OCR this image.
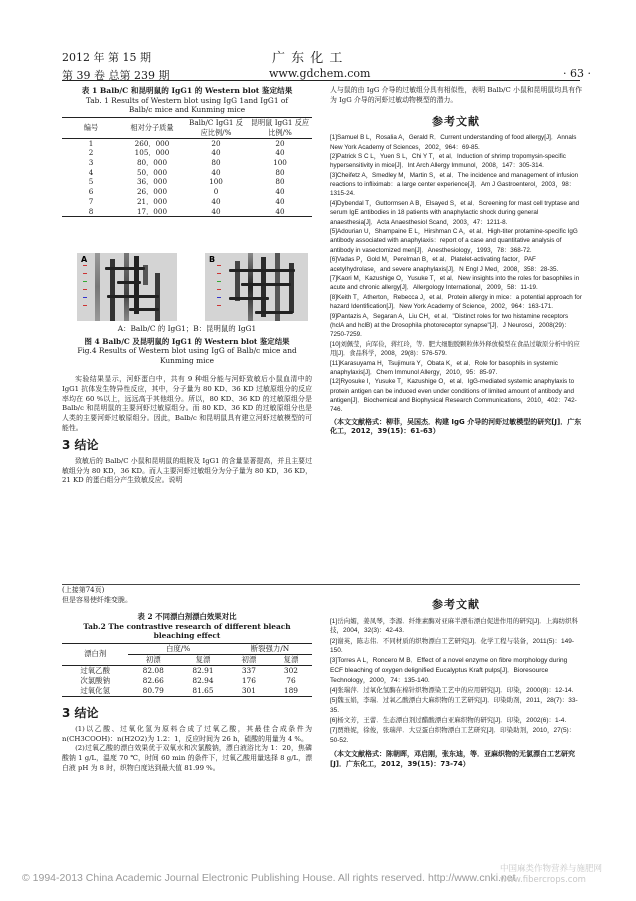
2012 年 第 15 期
第 39 卷 总第 239 期
广 东 化 工
www.gdchem.com	· 63 ·
表 1 Balb/C 和昆明鼠的 IgG1 的 Western blot 鉴定结果
Tab. 1 Results of Western blot using IgG 1and IgG1 of Balb/c mice and Kunming mice
编号	相对分子质量	Balb/C IgG1 反应比例/%	昆明鼠 IgG1 反应比例/%
1	260．000	20	20
2	105．000	40	40
3	80．000	80	100
4	50．000	40	80
5	36．000	100	80
6	26．000	0	40
7	21．000	40	40
8	17．000	40	40
A	B
A：Balb/C 的 IgG1；B：昆明鼠的 IgG1
图 4 Balb/C 及昆明鼠的 IgG1 的 Western blot 鉴定结果
Fig.4 Results of Western blot using IgG of Balb/c mice and Kunming mice

实验结果显示，河虾蛋白中，共有 9 种组分能与河虾致敏后小鼠血清中的 IgG1 抗体发生特异性反应，其中，分子量为 80 KD、36 KD 过敏原组分的反应率均在 60 %以上，远远高于其他组分。所以，80 KD、36 KD 的过敏原组分是 Balb/c 和昆明鼠的主要河虾过敏原组分。而 80 KD、36 KD 的过敏原组分也是人类的主要河虾过敏原组分。因此，Balb/c 和昆明鼠具有建立河虾过敏模型的可能性。

3 结论

致敏后的 Balb/C 小鼠和昆明鼠的组胺及 IgG1 的含量显著提高，并且主要过敏组分为 80 KD，36 KD。而人主要河虾过敏组分为分子量为 80 KD，36 KD，21 KD 的蛋白组分产生致敏反应。说明

人与鼠的由 IgG 介导的过敏组分具有相似性，表明 Balb/C 小鼠和昆明鼠均具有作为 IgG 介导的河虾过敏动物模型的潜力。

参考文献
[1]Samuel B L，Rosalia A，Gerald R．Current understanding of food allergy[J]．Annals New York Academy of Sciences，2002，964：69-85.
[2]Patrick S C L，Yuen S L，Chi Y T，et al．Induction of shrimp tropomysin-specific hypersensitivity in mice[J]．Int Arch Allergy Immunol，2008，147：305-314.
[3]Cheifetz A，Smedley M，Martin S，et al．The incidence and management of infusion reactions to infliximab：a large center experience[J]．Am J Gastroenterol，2003，98：1315-24.
[4]Dybendal T，Guttormsen A B，Elsayed S，et al．Screening for mast cell tryptase and serum IgE antibodies in 18 patients with anaphylactic shock during general anaesthesia[J]．Acta Anaesthesiol Scand，2003，47：1211-8.
[5]Adourian U，Shampaine E L，Hirshman C A，et al．High-titer protamine-specific IgG antibody associated with anaphylaxis：report of a case and quantitative analysis of antibody in vasectomized men[J]．Anesthesiology，1993，78：368-72.
[6]Vadas P，Gold M，Perelman B，et al．Platelet-activating factor，PAF acetylhydrolase，and severe anaphylaxis[J]．N Engl J Med，2008，358：28-35.
[7]Kaori M，Kazushige O，Yusuke T，et al．New insights into the roles for basophiles in acute and chronic allergy[J]．Allergology International，2009，58：11-19.
[8]Keith T，Atherton，Rebecca J，et al．Protein allergy in mice：a potential approach for hazard Identification[J]．New York Academy of Science，2002，964：163-171.
[9]Pantazis A，Segaran A，Liu CH，et al．"Distinct roles for two histamine receptors (hclA and hclB) at the Drosophila photoreceptor synapse"[J]．J Neurosci，2008(29)：7250-7259.
[10]刘佩莹，向军俭，蒋红玲，等．肥大细胞脱颗粒体外释放模型在食品过敏原分析中的应用[J]．食品科学，2008，29(8)：576-579.
[11]Karasuyama H，Tsujimura Y，Obata K，et al．Role for basophils in systemic anaphylaxis[J]．Chem Immunol Allergy，2010，95：85-97.
[12]Ryosuke I，Yusuke T，Kazushige O，et al．IgG-mediated systemic anaphylaxis to protein antigen can be induced even under conditions of limited amount of antibody and antigen[J]．Biochemical and Biophysical Research Communications，2010，402：742-746.
（本文文献格式：柳菲，吴国杰．构建 IgG 介导的河虾过敏模型的研究[J]．广东化工，2012，39(15)：61-63）
(上接第74页)
但是容易使纤维变脆。
表 2 不同漂白剂漂白效果对比
Tab.2 The contrastive research of different bleach bleaching effect
漂白剂	白度/%		断裂强力/N	
	初漂	复漂	初漂	复漂
过氧乙酸	82.08	82.91	337	302
次氯酸钠	82.66	82.94	176	76
过氧化氢	80.79	81.65	301	189
3 结论

(1)以乙酸、过氧化氢为原料合成了过氧乙酸，其最佳合成条件为 n(CH3COOH)：n(H2O2)为 1.2：1，反应时间为 26 h，硫酸的用量为 4 %。

(2)过氧乙酸的漂白效果优于双氧水和次氯酸钠，漂白液浴比为 1：20，焦磷酸钠 1 g/L，温度 70 ℃，时间 60 min 的条件下，过氧乙酸用量选择 8 g/L，漂白液 pH 为 8 时，织物白度达到最大值 81.99 %。

参考文献
[1]岳向媚，姜凤琴，李源．纤维素酶对亚麻半漂布漂白促进作用的研究[J]．上海纺织科技，2004，32(3)：42-43.
[2]谢英，陈志伟．不同材质的织物漂白工艺研究[J]．化学工程与装备，2011(5)：149-150.
[3]Torres A L，Roncero M B．Effect of a novel enzyme on fibre morphology during ECF bleaching of oxygen delignified Eucalyptus Kraft pulps[J]．Bioresource Technology，2000，74：135-140.
[4]张瑞萍．过氧化氢酶在棉针织物漂染工艺中的应用研究[J]．印染，2000(8)：12-14.
[5]魏玉娟，李瑞．过氧乙酸漂白大麻织物的工艺研究[J]．印染助剂，2011，28(7)：33-35.
[6]杨文芳，王蕾．生态漂白剂过醋酸漂白亚麻织物的研究[J]．印染，2002(6)：1-4.
[7]贾维妮，徐俊，张瑞萍．大豆蛋白织物漂白工艺研究[J]．印染助剂，2010，27(5)：50-52.
（本文文献格式：陈朝晖，邓启刚，张东迪，等．亚麻织物的无氯漂白工艺研究[J]．广东化工，2012，39(15)：73-74）
© 1994-2013 China Academic Journal Electronic Publishing House. All rights reserved. http://www.cnki.net
中国麻类作物营养与施肥网 www.fibercrops.com
